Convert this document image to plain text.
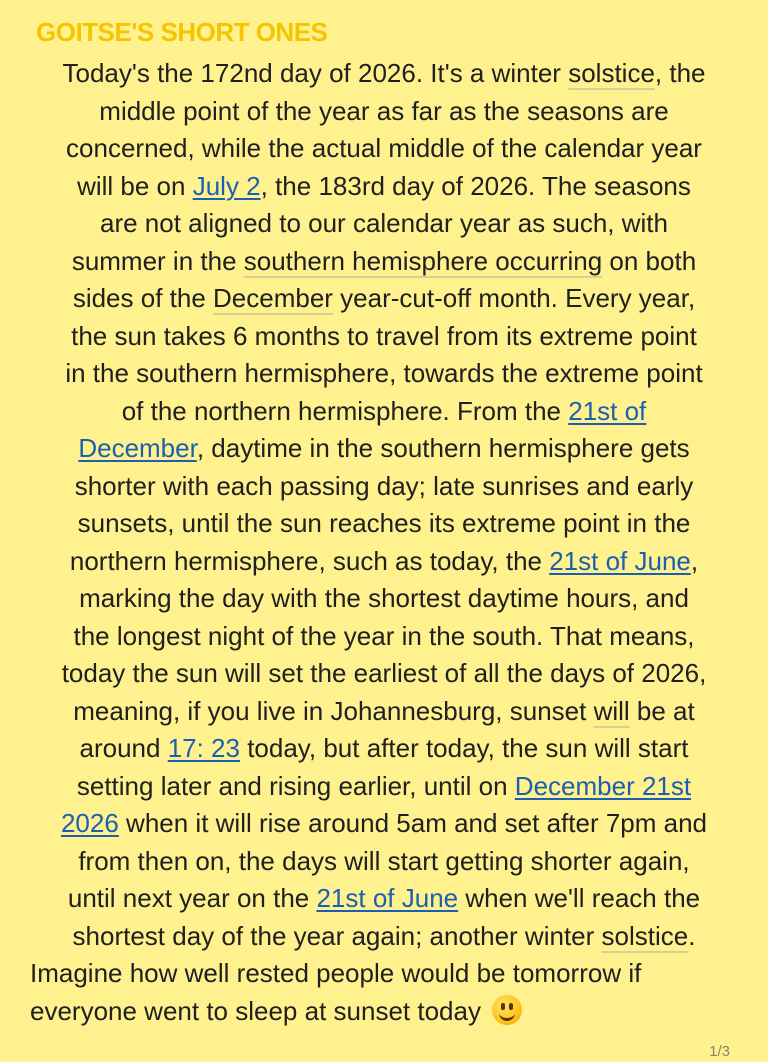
GOITSE'S SHORT ONES
Today's the 172nd day of 2026. It's a winter solstice, the
middle point of the year as far as the seasons are
concerned, while the actual middle of the calendar year
will be on July 2, the 183rd day of 2026. The seasons
are not aligned to our calendar year as such, with
summer in the southern hemisphere occurring on both
sides of the December year-cut-off month. Every year,
the sun takes 6 months to travel from its extreme point
in the southern hermisphere, towards the extreme point
of the northern hermisphere. From the 21st of
December, daytime in the southern hermisphere gets
shorter with each passing day; late sunrises and early
sunsets, until the sun reaches its extreme point in the
northern hermisphere, such as today, the 21st of June,
marking the day with the shortest daytime hours, and
the longest night of the year in the south. That means,
today the sun will set the earliest of all the days of 2026,
meaning, if you live in Johannesburg, sunset will be at
around 17: 23 today, but after today, the sun will start
setting later and rising earlier, until on December 21st
2026 when it will rise around 5am and set after 7pm and
from then on, the days will start getting shorter again,
until next year on the 21st of June when we'll reach the
shortest day of the year again; another winter solstice.
Imagine how well rested people would be tomorrow if
everyone went to sleep at sunset today
1/3
